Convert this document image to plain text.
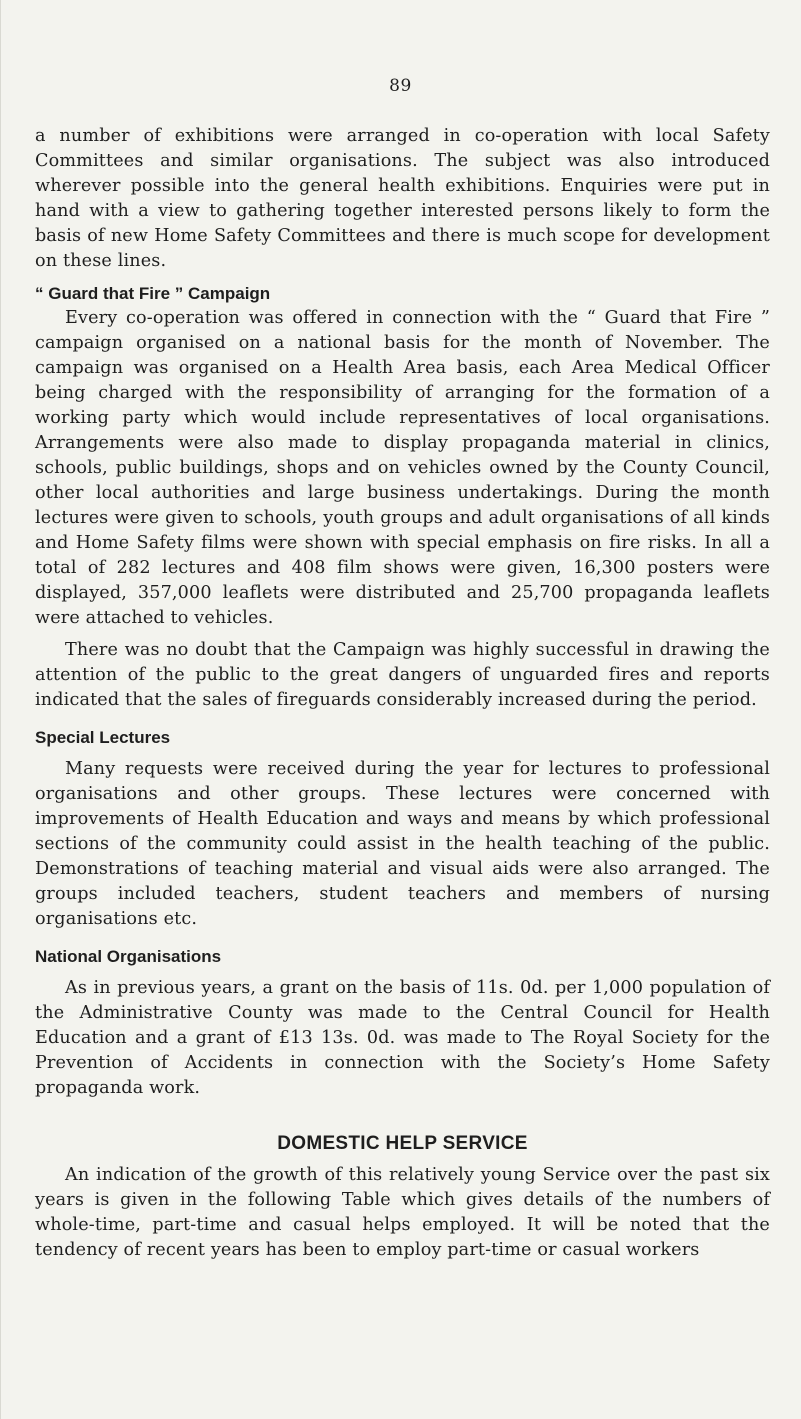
89

a number of exhibitions were arranged in co-operation with local Safety Committees and similar organisations. The subject was also introduced wherever possible into the general health exhibitions. Enquiries were put in hand with a view to gathering together interested persons likely to form the basis of new Home Safety Committees and there is much scope for development on these lines.

“ Guard that Fire ” Campaign

Every co-operation was offered in connection with the “ Guard that Fire ” campaign organised on a national basis for the month of November. The campaign was organised on a Health Area basis, each Area Medical Officer being charged with the responsibility of arranging for the formation of a working party which would include representatives of local organisations. Arrangements were also made to display propaganda material in clinics, schools, public buildings, shops and on vehicles owned by the County Council, other local authorities and large business undertakings. During the month lectures were given to schools, youth groups and adult organisations of all kinds and Home Safety films were shown with special emphasis on fire risks. In all a total of 282 lectures and 408 film shows were given, 16,300 posters were displayed, 357,000 leaflets were distributed and 25,700 propaganda leaflets were attached to vehicles.

There was no doubt that the Campaign was highly successful in drawing the attention of the public to the great dangers of unguarded fires and reports indicated that the sales of fireguards considerably increased during the period.

Special Lectures

Many requests were received during the year for lectures to professional organisations and other groups. These lectures were concerned with improvements of Health Education and ways and means by which professional sections of the community could assist in the health teaching of the public. Demonstrations of teaching material and visual aids were also arranged. The groups included teachers, student teachers and members of nursing organisations etc.

National Organisations

As in previous years, a grant on the basis of 11s. 0d. per 1,000 population of the Administrative County was made to the Central Council for Health Education and a grant of £13 13s. 0d. was made to The Royal Society for the Prevention of Accidents in connection with the Society’s Home Safety propaganda work.

DOMESTIC HELP SERVICE

An indication of the growth of this relatively young Service over the past six years is given in the following Table which gives details of the numbers of whole-time, part-time and casual helps employed. It will be noted that the tendency of recent years has been to employ part-time or casual workers
